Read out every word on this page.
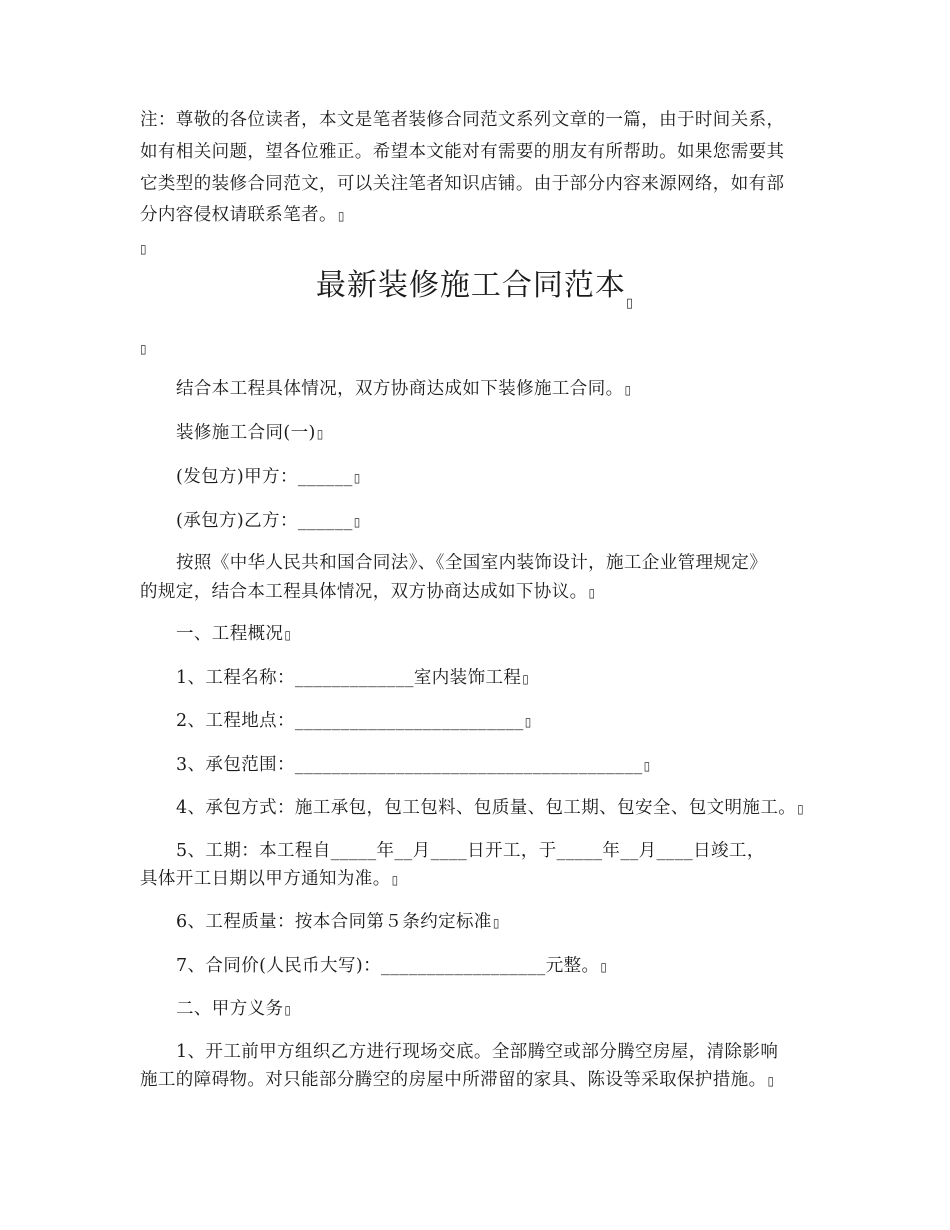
注：尊敬的各位读者，本文是笔者装修合同范文系列文章的一篇，由于时间关系，
如有相关问题，望各位雅正。希望本文能对有需要的朋友有所帮助。如果您需要其
它类型的装修合同范文，可以关注笔者知识店铺。由于部分内容来源网络，如有部
分内容侵权请联系笔者。▯
▯
最新装修施工合同范本▯
▯
结合本工程具体情况，双方协商达成如下装修施工合同。▯
装修施工合同(一)▯
(发包方)甲方：______▯
(承包方)乙方：______▯
按照《中华人民共和国合同法》、《全国室内装饰设计，施工企业管理规定》
的规定，结合本工程具体情况，双方协商达成如下协议。▯
一、工程概况▯
1、工程名称：_____________室内装饰工程▯
2、工程地点：_________________________▯
3、承包范围：______________________________________▯
4、承包方式：施工承包，包工包料、包质量、包工期、包安全、包文明施工。▯
5、工期：本工程自_____年__月____日开工，于_____年__月____日竣工，
具体开工日期以甲方通知为准。▯
6、工程质量：按本合同第５条约定标准▯
7、合同价(人民币大写)：__________________元整。▯
二、甲方义务▯
1、开工前甲方组织乙方进行现场交底。全部腾空或部分腾空房屋，清除影响
施工的障碍物。对只能部分腾空的房屋中所滞留的家具、陈设等采取保护措施。▯
